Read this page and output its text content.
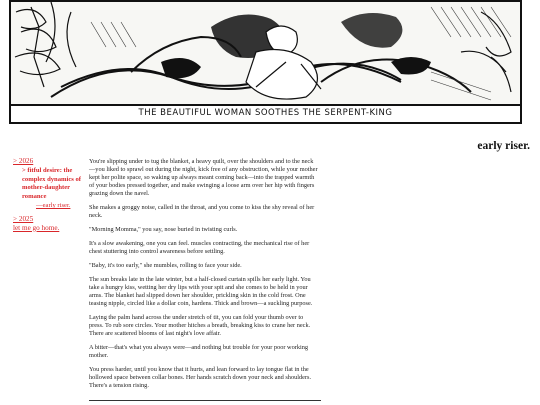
THE BEAUTIFUL WOMAN SOOTHES THE SERPENT-KING
early riser.
> 2026
> fitful desire: the complex dynamics of mother-daughter romance
—early riser.
> 2025
let me go home.

You're slipping under to tug the blanket, a heavy quilt, over the shoulders and to the neck—you liked to sprawl out during the night, kick free of any obstruction, while your mother kept her polite space, so waking up always meant coming back—into the trapped warmth of your bodies pressed together, and make swinging a loose arm over her hip with fingers grazing down the navel.

She makes a groggy noise, called in the throat, and you come to kiss the shy reveal of her neck.

"Morning Momma," you say, nose buried in twisting curls.

It's a slow awakening, one you can feel. muscles contracting, the mechanical rise of her chest stuttering into control awareness before settling.

"Baby, it's too early," she mumbles, rolling to face your side.

The sun breaks late in the late winter, but a half-closed curtain spills her early light. You take a hungry kiss, wetting her dry lips with your spit and she comes to be held in your arms. The blanket had slipped down her shoulder, prickling skin in the cold frost. One teasing nipple, circled like a dollar coin, hardens. Thick and brown—a suckling purpose.

Laying the palm hand across the under stretch of tit, you can fold your thumb over to press. To rub sore circles. Your mother hitches a breath, breaking kiss to crane her neck. There are scattered blooms of last night's love affair.

A bitter—that's what you always were—and nothing but trouble for your poor working mother.

You press harder, until you know that it hurts, and lean forward to lay tongue flat in the hollowed space between collar bones. Her hands scratch down your neck and shoulders. There's a tension rising.
